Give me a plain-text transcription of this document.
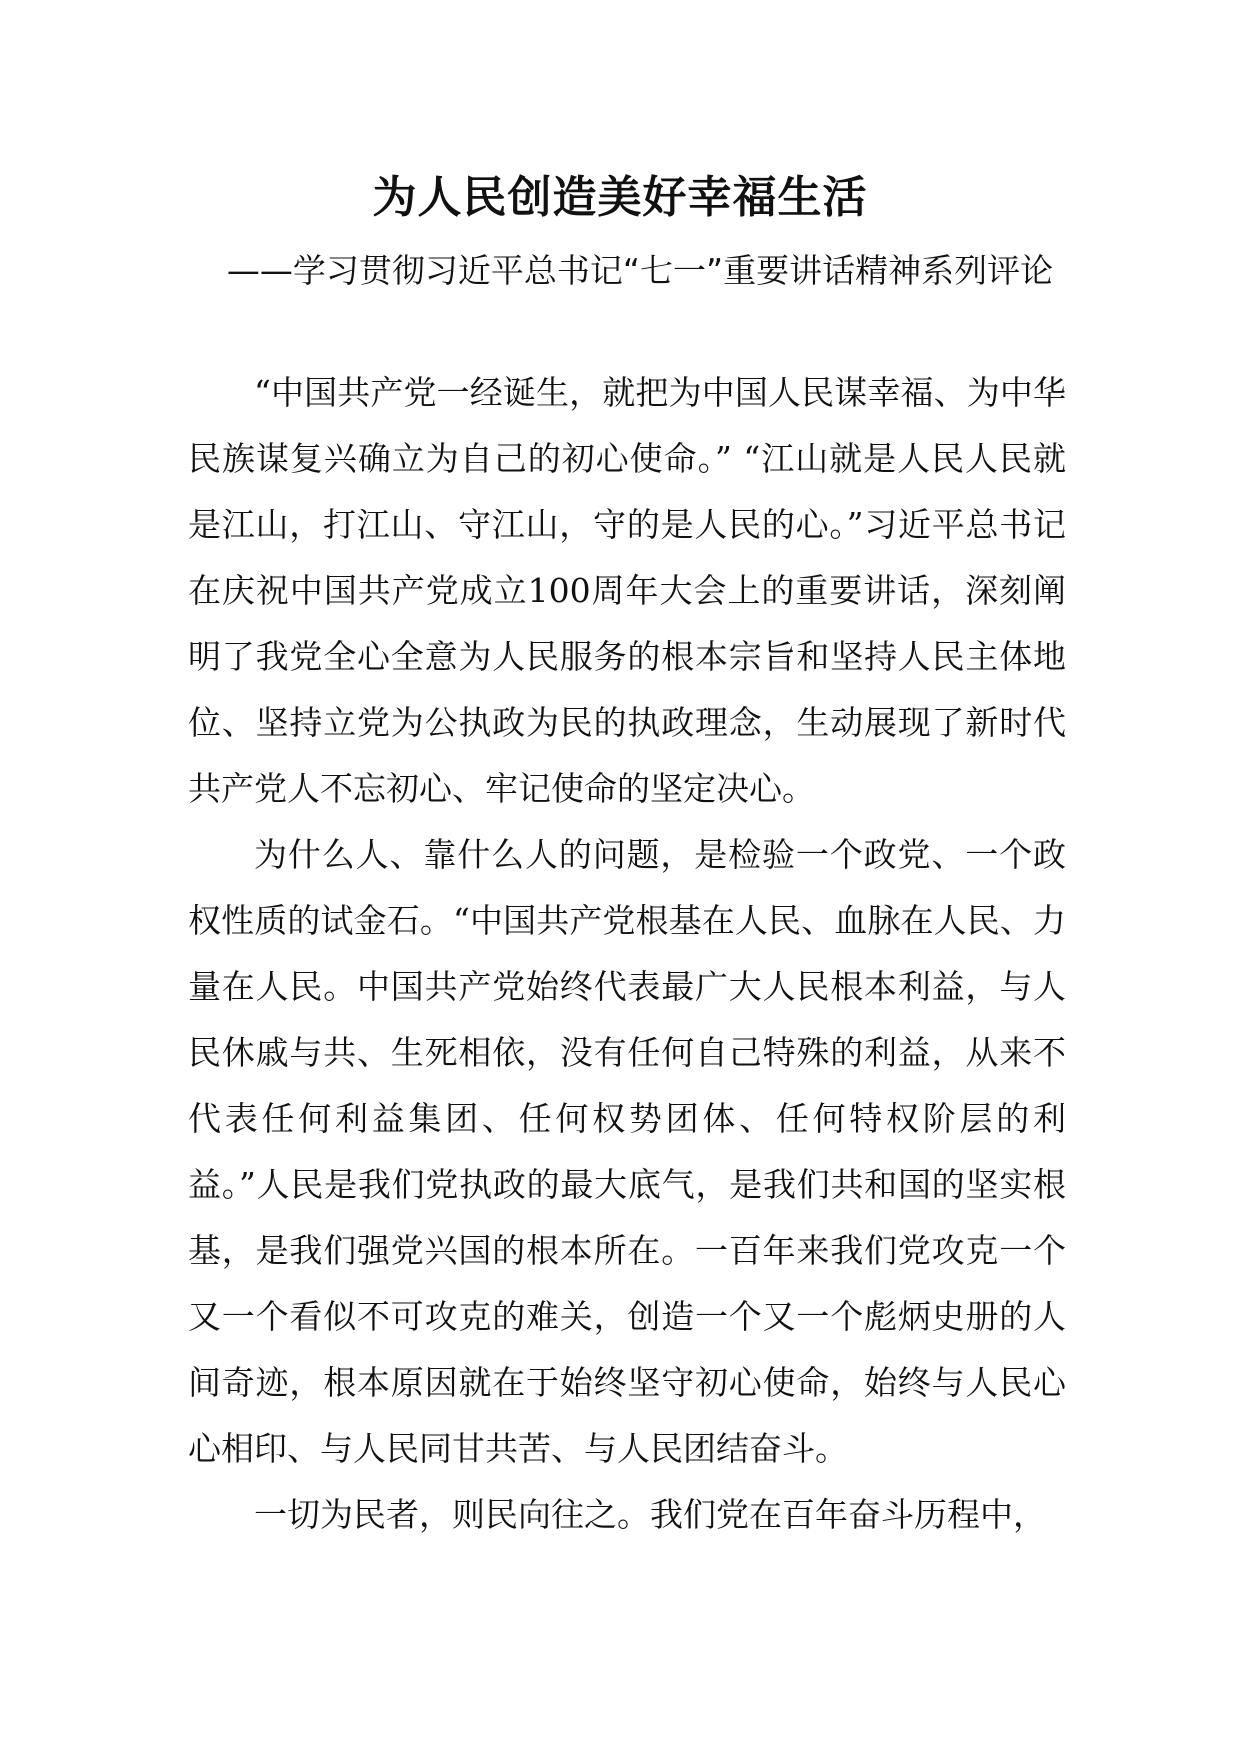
为人民创造美好幸福生活
——学习贯彻习近平总书记“七一”重要讲话精神系列评论

“中国共产党一经诞生，就把为中国人民谋幸福、为中华民族谋复兴确立为自己的初心使命。” “江山就是人民人民就是江山，打江山、守江山，守的是人民的心。”习近平总书记在庆祝中国共产党成立100周年大会上的重要讲话，深刻阐明了我党全心全意为人民服务的根本宗旨和坚持人民主体地位、坚持立党为公执政为民的执政理念，生动展现了新时代共产党人不忘初心、牢记使命的坚定决心。

为什么人、靠什么人的问题，是检验一个政党、一个政权性质的试金石。“中国共产党根基在人民、血脉在人民、力量在人民。中国共产党始终代表最广大人民根本利益，与人民休戚与共、生死相依，没有任何自己特殊的利益，从来不代表任何利益集团、任何权势团体、任何特权阶层的利益。”人民是我们党执政的最大底气，是我们共和国的坚实根基，是我们强党兴国的根本所在。一百年来我们党攻克一个又一个看似不可攻克的难关，创造一个又一个彪炳史册的人间奇迹，根本原因就在于始终坚守初心使命，始终与人民心心相印、与人民同甘共苦、与人民团结奋斗。

一切为民者，则民向往之。我们党在百年奋斗历程中，
